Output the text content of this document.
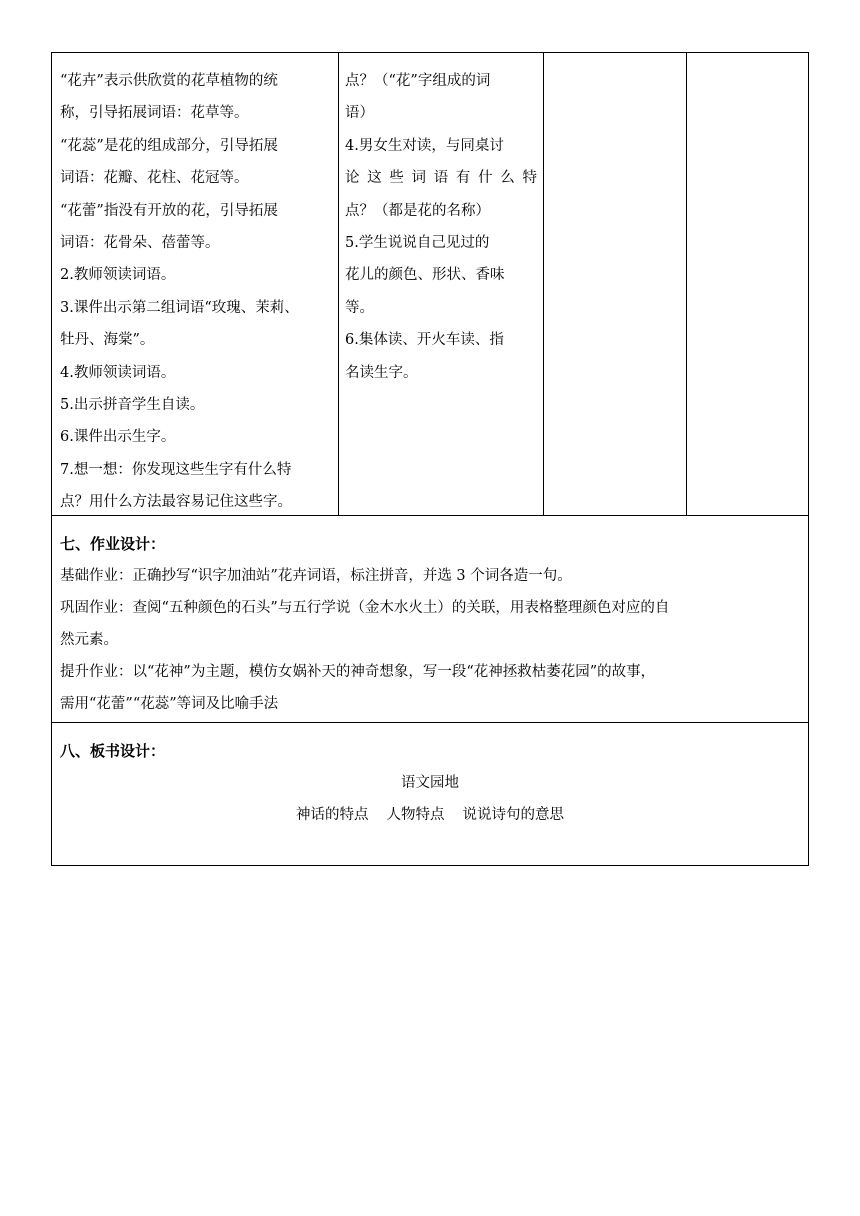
“花卉”表示供欣赏的花草植物的统

称，引导拓展词语：花草等。

“花蕊”是花的组成部分，引导拓展

词语：花瓣、花柱、花冠等。

“花蕾”指没有开放的花，引导拓展

词语：花骨朵、蓓蕾等。

2.教师领读词语。

3.课件出示第二组词语“玫瑰、茉莉、

牡丹、海棠”。

4.教师领读词语。

5.出示拼音学生自读。

6.课件出示生字。

7.想一想：你发现这些生字有什么特

点？用什么方法最容易记住这些字。

点？（“花”字组成的词

语）

4.男女生对读，与同桌讨

论这些词语有什么特

点？（都是花的名称）

5.学生说说自己见过的

花儿的颜色、形状、香味

等。

6.集体读、开火车读、指

名读生字。

七、作业设计：

基础作业：正确抄写“识字加油站”花卉词语，标注拼音，并选 3 个词各造一句。

巩固作业：查阅“五种颜色的石头”与五行学说（金木水火土）的关联，用表格整理颜色对应的自

然元素。

提升作业：以“花神”为主题，模仿女娲补天的神奇想象，写一段“花神拯救枯萎花园”的故事，

需用“花蕾”“花蕊”等词及比喻手法

八、板书设计：

语文园地

神话的特点 人物特点 说说诗句的意思
